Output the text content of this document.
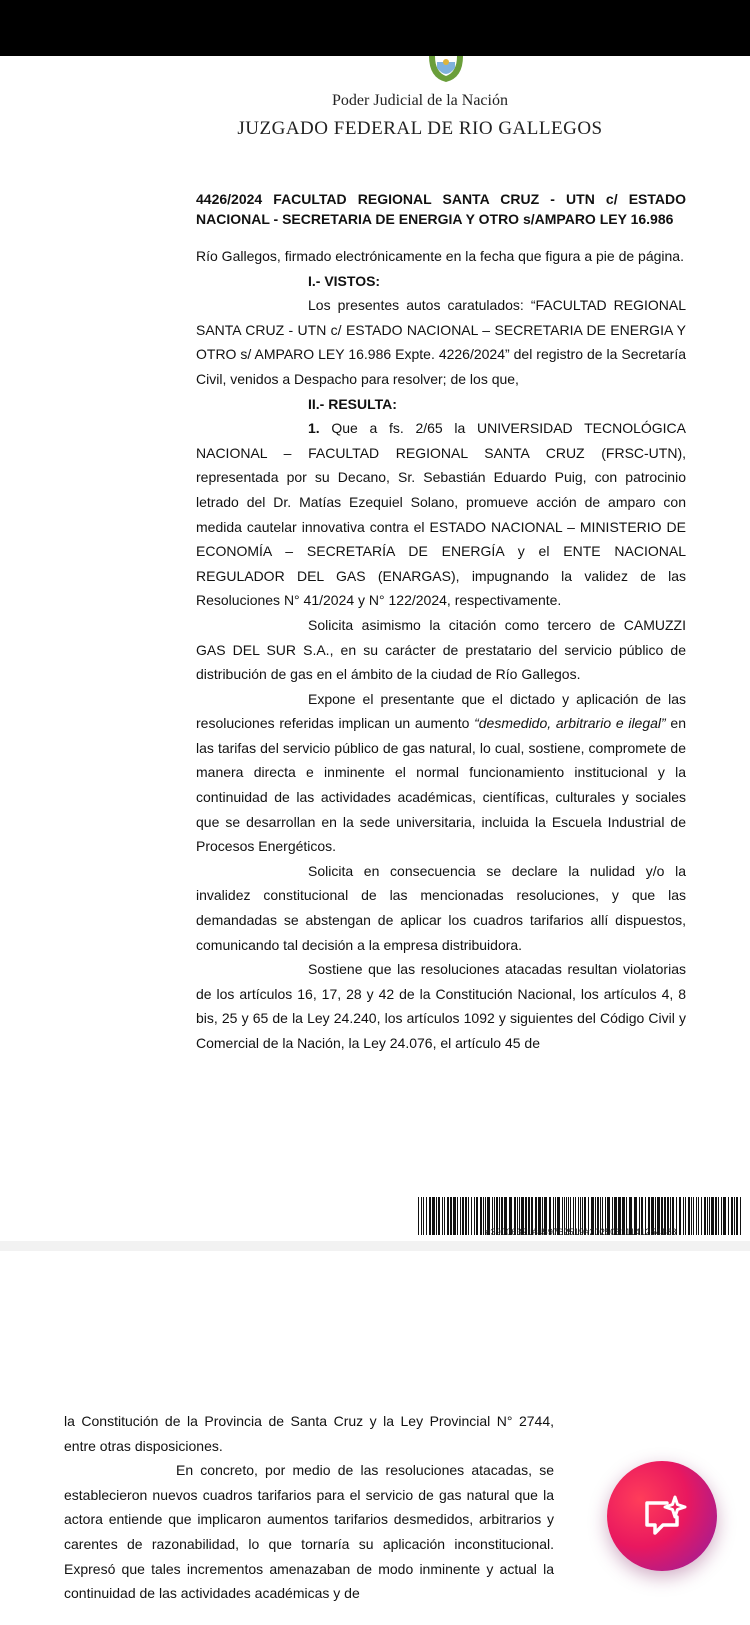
Poder Judicial de la Nación
JUZGADO FEDERAL DE RIO GALLEGOS
4426/2024 FACULTAD REGIONAL SANTA CRUZ - UTN c/ ESTADO NACIONAL - SECRETARIA DE ENERGIA Y OTRO s/AMPARO LEY 16.986

Río Gallegos, firmado electrónicamente en la fecha que figura a pie de página.

I.- VISTOS:

Los presentes autos caratulados: “FACULTAD REGIONAL SANTA CRUZ - UTN c/ ESTADO NACIONAL – SECRETARIA DE ENERGIA Y OTRO s/ AMPARO LEY 16.986 Expte. 4226/2024” del registro de la Secretaría Civil, venidos a Despacho para resolver; de los que,

II.- RESULTA:

1. Que a fs. 2/65 la UNIVERSIDAD TECNOLÓGICA NACIONAL – FACULTAD REGIONAL SANTA CRUZ (FRSC-UTN), representada por su Decano, Sr. Sebastián Eduardo Puig, con patrocinio letrado del Dr. Matías Ezequiel Solano, promueve acción de amparo con medida cautelar innovativa contra el ESTADO NACIONAL – MINISTERIO DE ECONOMÍA – SECRETARÍA DE ENERGÍA y el ENTE NACIONAL REGULADOR DEL GAS (ENARGAS), impugnando la validez de las Resoluciones N° 41/2024 y N° 122/2024, respectivamente.

Solicita asimismo la citación como tercero de CAMUZZI GAS DEL SUR S.A., en su carácter de prestatario del servicio público de distribución de gas en el ámbito de la ciudad de Río Gallegos.

Expone el presentante que el dictado y aplicación de las resoluciones referidas implican un aumento “desmedido, arbitrario e ilegal” en las tarifas del servicio público de gas natural, lo cual, sostiene, compromete de manera directa e inminente el normal funcionamiento institucional y la continuidad de las actividades académicas, científicas, culturales y sociales que se desarrollan en la sede universitaria, incluida la Escuela Industrial de Procesos Energéticos.

Solicita en consecuencia se declare la nulidad y/o la invalidez constitucional de las mencionadas resoluciones, y que las demandadas se abstengan de aplicar los cuadros tarifarios allí dispuestos, comunicando tal decisión a la empresa distribuidora.

Sostiene que las resoluciones atacadas resultan violatorias de los artículos 16, 17, 28 y 42 de la Constitución Nacional, los artículos 4, 8 bis, 25 y 65 de la Ley 24.240, los artículos 1092 y siguientes del Código Civil y Comercial de la Nación, la Ley 24.076, el artículo 45 de

#39006321#459762519#20250611141254188

la Constitución de la Provincia de Santa Cruz y la Ley Provincial N° 2744, entre otras disposiciones.

En concreto, por medio de las resoluciones atacadas, se establecieron nuevos cuadros tarifarios para el servicio de gas natural que la actora entiende que implicaron aumentos tarifarios desmedidos, arbitrarios y carentes de razonabilidad, lo que tornaría su aplicación inconstitucional. Expresó que tales incrementos amenazaban de modo inminente y actual la continuidad de las actividades académicas y de
